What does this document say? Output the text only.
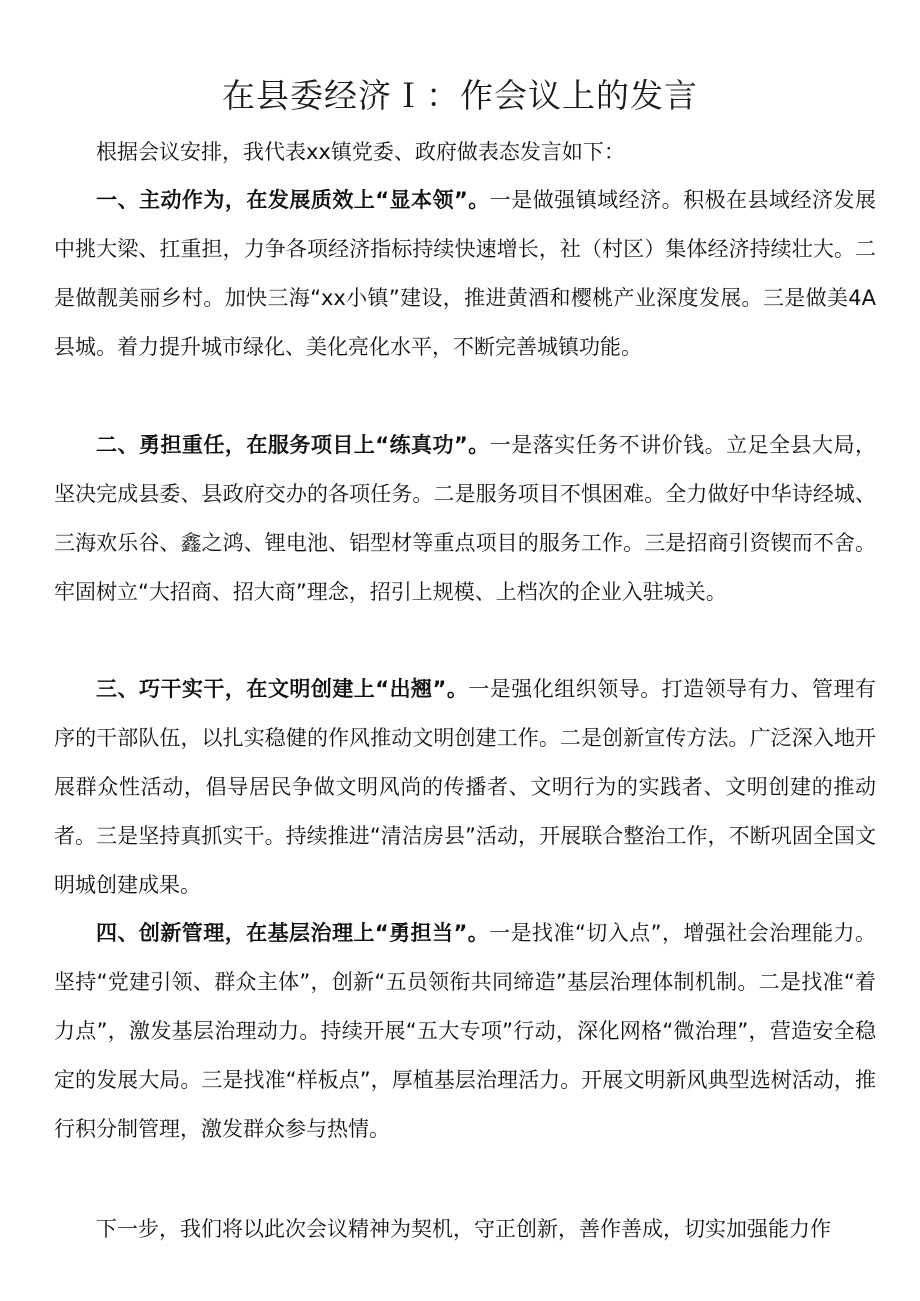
在县委经济Ｉ：作会议上的发言

根据会议安排，我代表xx镇党委、政府做表态发言如下：

一、主动作为，在发展质效上“显本领”。一是做强镇域经济。积极在县域经济发展中挑大梁、扛重担，力争各项经济指标持续快速增长，社（村区）集体经济持续壮大。二是做靓美丽乡村。加快三海“xx小镇”建设，推进黄酒和樱桃产业深度发展。三是做美4A县城。着力提升城市绿化、美化亮化水平，不断完善城镇功能。

二、勇担重任，在服务项目上“练真功”。一是落实任务不讲价钱。立足全县大局，坚决完成县委、县政府交办的各项任务。二是服务项目不惧困难。全力做好中华诗经城、三海欢乐谷、鑫之鸿、锂电池、铝型材等重点项目的服务工作。三是招商引资锲而不舍。牢固树立“大招商、招大商”理念，招引上规模、上档次的企业入驻城关。

三、巧干实干，在文明创建上“出翘”。一是强化组织领导。打造领导有力、管理有序的干部队伍，以扎实稳健的作风推动文明创建工作。二是创新宣传方法。广泛深入地开展群众性活动，倡导居民争做文明风尚的传播者、文明行为的实践者、文明创建的推动者。三是坚持真抓实干。持续推进“清洁房县”活动，开展联合整治工作，不断巩固全国文明城创建成果。

四、创新管理，在基层治理上“勇担当”。一是找准“切入点”，增强社会治理能力。坚持“党建引领、群众主体”，创新“五员领衔共同缔造”基层治理体制机制。二是找准“着力点”，激发基层治理动力。持续开展“五大专项”行动，深化网格“微治理”，营造安全稳定的发展大局。三是找准“样板点”，厚植基层治理活力。开展文明新风典型选树活动，推行积分制管理，激发群众参与热情。

下一步，我们将以此次会议精神为契机，守正创新，善作善成，切实加强能力作
